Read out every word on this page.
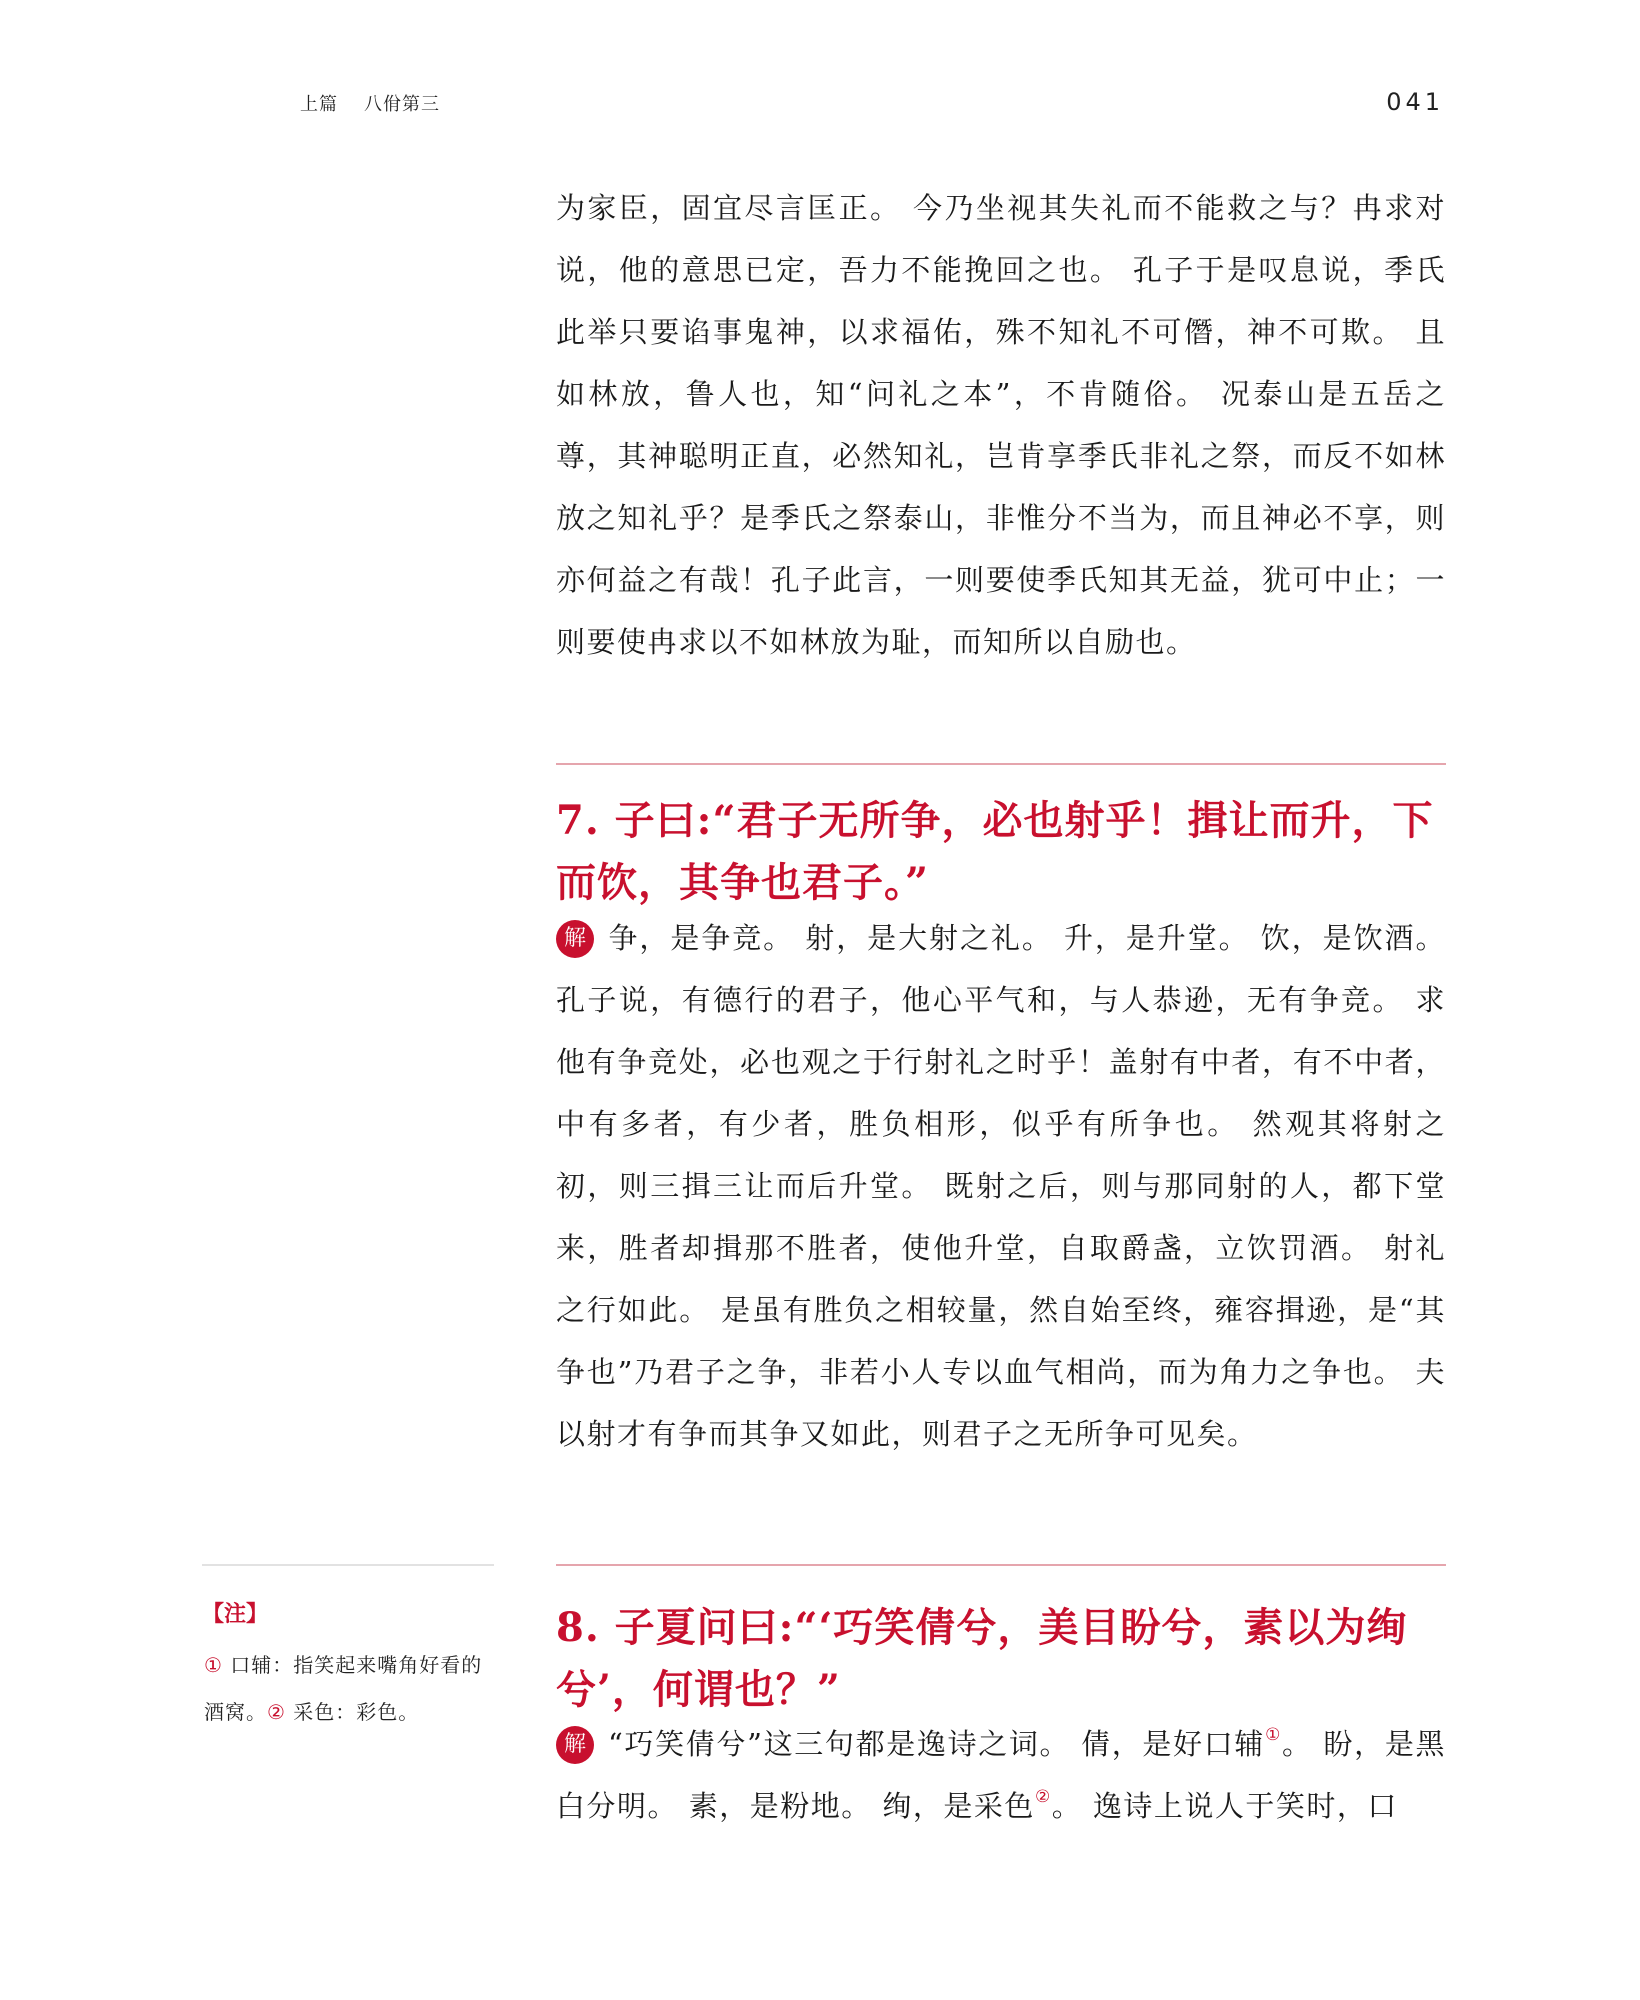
上篇 八佾第三	041

为家臣，固宜尽言匡正。 今乃坐视其失礼而不能救之与？冉求对说，他的意思已定，吾力不能挽回之也。 孔子于是叹息说，季氏此举只要谄事鬼神，以求福佑，殊不知礼不可僭，神不可欺。 且如林放，鲁人也，知“问礼之本”，不肯随俗。 况泰山是五岳之尊，其神聪明正直，必然知礼，岂肯享季氏非礼之祭，而反不如林放之知礼乎？是季氏之祭泰山，非惟分不当为，而且神必不享，则亦何益之有哉！孔子此言，一则要使季氏知其无益，犹可中止；一则要使冉求以不如林放为耻，而知所以自励也。

7. 子曰:“君子无所争，必也射乎！揖让而升，下而饮，其争也君子。”

解 争，是争竞。 射，是大射之礼。 升，是升堂。 饮，是饮酒。 孔子说，有德行的君子，他心平气和，与人恭逊，无有争竞。 求他有争竞处，必也观之于行射礼之时乎！盖射有中者，有不中者，中有多者，有少者，胜负相形，似乎有所争也。 然观其将射之初，则三揖三让而后升堂。 既射之后，则与那同射的人，都下堂来，胜者却揖那不胜者，使他升堂，自取爵盏，立饮罚酒。 射礼之行如此。 是虽有胜负之相较量，然自始至终，雍容揖逊，是“其争也”乃君子之争，非若小人专以血气相尚，而为角力之争也。 夫以射才有争而其争又如此，则君子之无所争可见矣。

8. 子夏问曰:“‘巧笑倩兮，美目盼兮，素以为绚兮’，何谓也？”

解 “巧笑倩兮”这三句都是逸诗之词。 倩，是好口辅①。 盼，是黑白分明。 素，是粉地。 绚，是采色②。 逸诗上说人于笑时，口

【注】

① 口辅：指笑起来嘴角好看的酒窝。② 采色：彩色。
